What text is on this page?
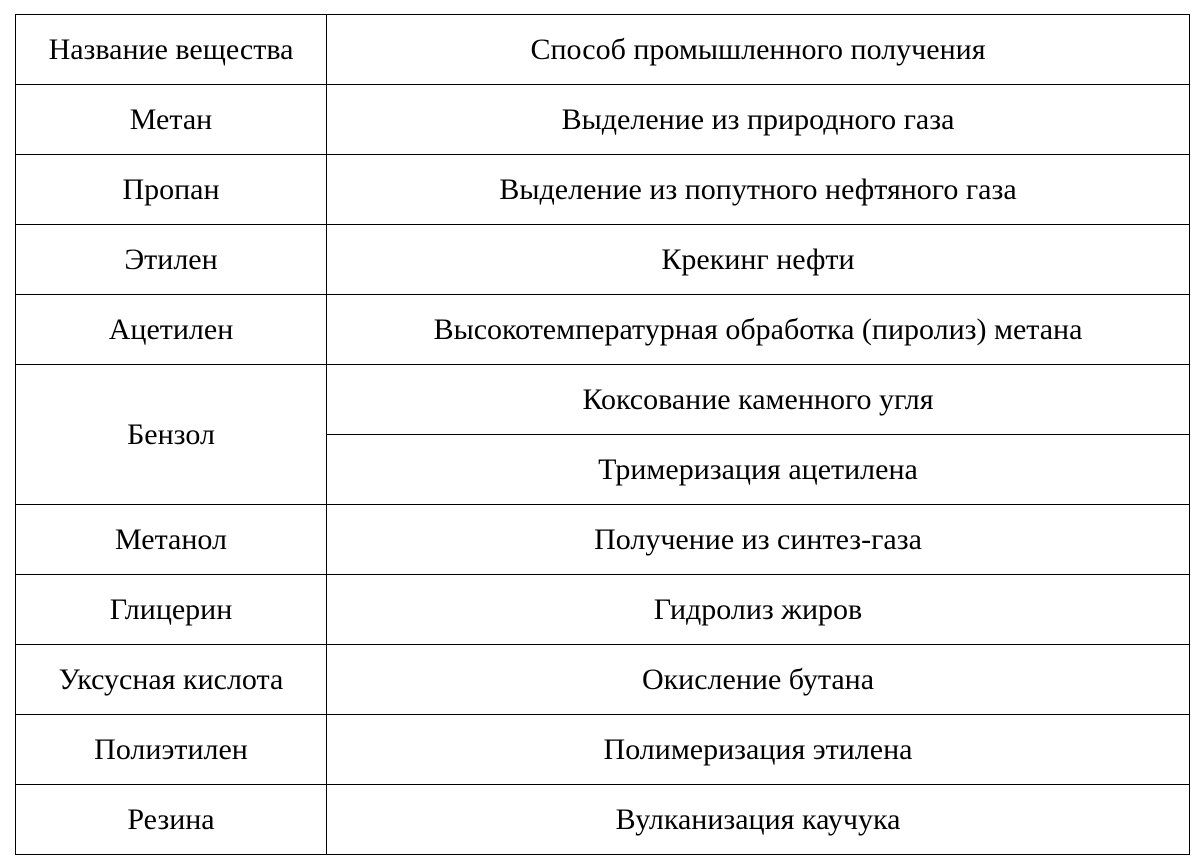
Название вещества	Способ промышленного получения
Метан	Выделение из природного газа
Пропан	Выделение из попутного нефтяного газа
Этилен	Крекинг нефти
Ацетилен	Высокотемпературная обработка (пиролиз) метана
Бензол	Коксование каменного угля
	Тримеризация ацетилена
Метанол	Получение из синтез-газа
Глицерин	Гидролиз жиров
Уксусная кислота	Окисление бутана
Полиэтилен	Полимеризация этилена
Резина	Вулканизация каучука
